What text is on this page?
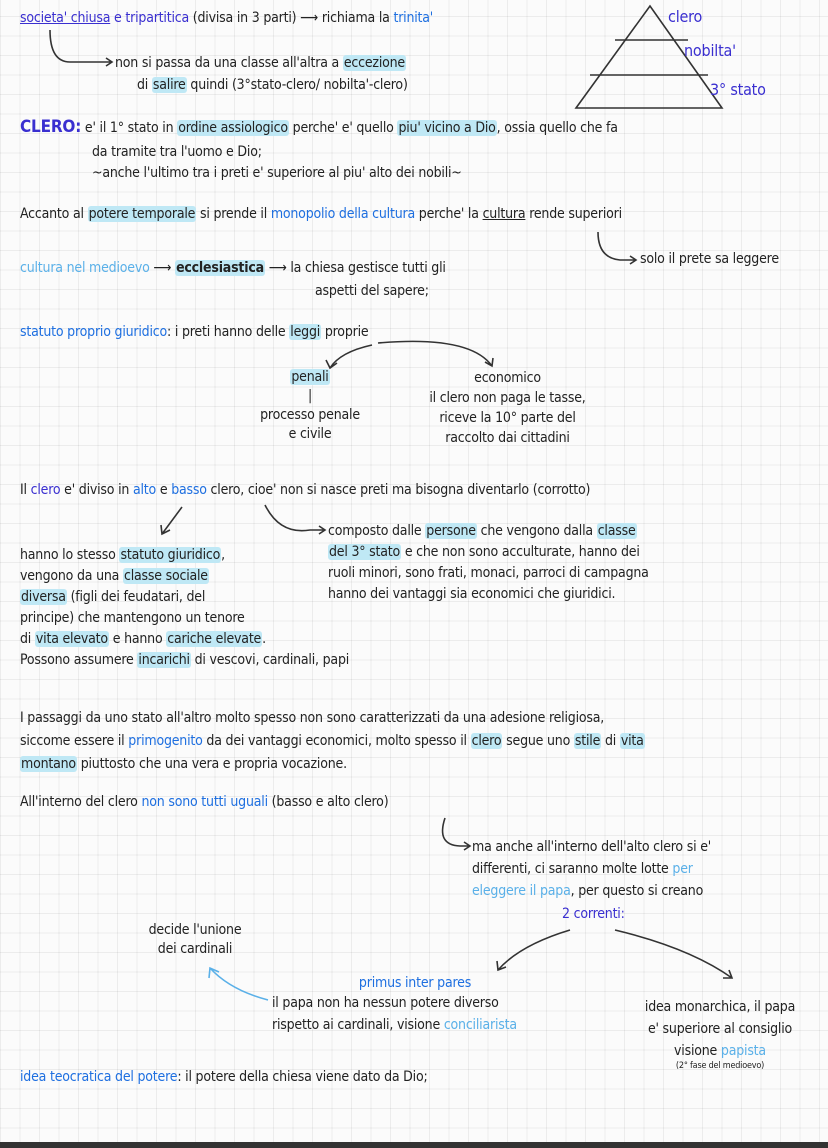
clero
nobilta'
3° stato
societa' chiusa e tripartitica (divisa in 3 parti) ⟶ richiama la trinita'
non si passa da una classe all'altra a eccezione
di salire quindi (3°stato-clero/ nobilta'-clero)
CLERO: e' il 1° stato in ordine assiologico perche' e' quello piu' vicino a Dio, ossia quello che fa
da tramite tra l'uomo e Dio;
~anche l'ultimo tra i preti e' superiore al piu' alto dei nobili~
Accanto al potere temporale si prende il monopolio della cultura perche' la cultura rende superiori
solo il prete sa leggere
cultura nel medioevo ⟶ ecclesiastica ⟶ la chiesa gestisce tutti gli
aspetti del sapere;
statuto proprio giuridico: i preti hanno delle leggi proprie
penali
|
processo penale
e civile
economico
il clero non paga le tasse,
riceve la 10° parte del
raccolto dai cittadini
Il clero e' diviso in alto e basso clero, cioe' non si nasce preti ma bisogna diventarlo (corrotto)
hanno lo stesso statuto giuridico,
vengono da una classe sociale
diversa (figli dei feudatari, del
principe) che mantengono un tenore
di vita elevato e hanno cariche elevate.
Possono assumere incarichi di vescovi, cardinali, papi
composto dalle persone che vengono dalla classe
del 3° stato e che non sono acculturate, hanno dei
ruoli minori, sono frati, monaci, parroci di campagna
hanno dei vantaggi sia economici che giuridici.
I passaggi da uno stato all'altro molto spesso non sono caratterizzati da una adesione religiosa,
siccome essere il primogenito da dei vantaggi economici, molto spesso il clero segue uno stile di vita
montano piuttosto che una vera e propria vocazione.
All'interno del clero non sono tutti uguali (basso e alto clero)
ma anche all'interno dell'alto clero si e'
differenti, ci saranno molte lotte per
eleggere il papa, per questo si creano
2 correnti:
decide l'unione
dei cardinali
primus inter pares
il papa non ha nessun potere diverso
rispetto ai cardinali, visione conciliarista
idea monarchica, il papa
e' superiore al consiglio
visione papista
(2° fase del medioevo)
idea teocratica del potere: il potere della chiesa viene dato da Dio;
